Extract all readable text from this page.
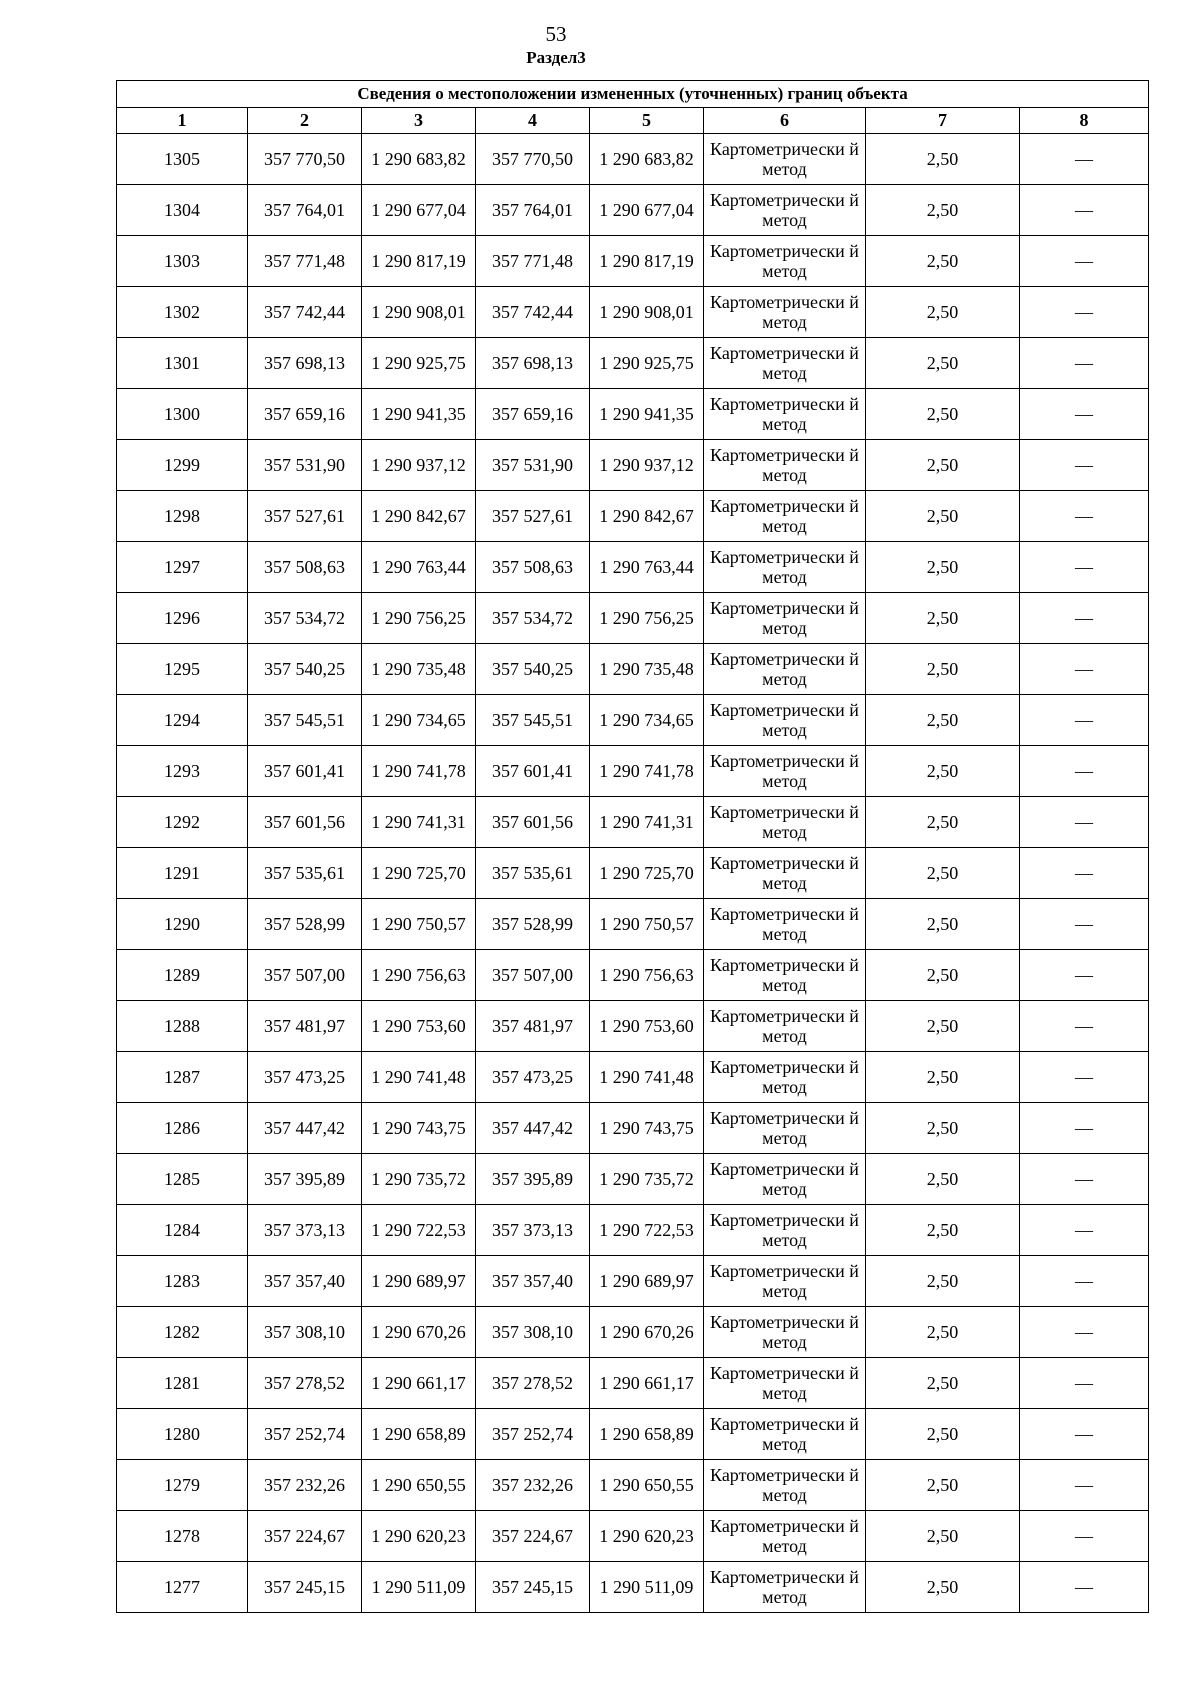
53
Раздел3
Сведения о местоположении измененных (уточненных) границ объекта							
1	2	3	4	5	6	7	8
1305	357 770,50	1 290 683,82	357 770,50	1 290 683,82	Картометрически й метод	2,50	—
1304	357 764,01	1 290 677,04	357 764,01	1 290 677,04	Картометрически й метод	2,50	—
1303	357 771,48	1 290 817,19	357 771,48	1 290 817,19	Картометрически й метод	2,50	—
1302	357 742,44	1 290 908,01	357 742,44	1 290 908,01	Картометрически й метод	2,50	—
1301	357 698,13	1 290 925,75	357 698,13	1 290 925,75	Картометрически й метод	2,50	—
1300	357 659,16	1 290 941,35	357 659,16	1 290 941,35	Картометрически й метод	2,50	—
1299	357 531,90	1 290 937,12	357 531,90	1 290 937,12	Картометрически й метод	2,50	—
1298	357 527,61	1 290 842,67	357 527,61	1 290 842,67	Картометрически й метод	2,50	—
1297	357 508,63	1 290 763,44	357 508,63	1 290 763,44	Картометрически й метод	2,50	—
1296	357 534,72	1 290 756,25	357 534,72	1 290 756,25	Картометрически й метод	2,50	—
1295	357 540,25	1 290 735,48	357 540,25	1 290 735,48	Картометрически й метод	2,50	—
1294	357 545,51	1 290 734,65	357 545,51	1 290 734,65	Картометрически й метод	2,50	—
1293	357 601,41	1 290 741,78	357 601,41	1 290 741,78	Картометрически й метод	2,50	—
1292	357 601,56	1 290 741,31	357 601,56	1 290 741,31	Картометрически й метод	2,50	—
1291	357 535,61	1 290 725,70	357 535,61	1 290 725,70	Картометрически й метод	2,50	—
1290	357 528,99	1 290 750,57	357 528,99	1 290 750,57	Картометрически й метод	2,50	—
1289	357 507,00	1 290 756,63	357 507,00	1 290 756,63	Картометрически й метод	2,50	—
1288	357 481,97	1 290 753,60	357 481,97	1 290 753,60	Картометрически й метод	2,50	—
1287	357 473,25	1 290 741,48	357 473,25	1 290 741,48	Картометрически й метод	2,50	—
1286	357 447,42	1 290 743,75	357 447,42	1 290 743,75	Картометрически й метод	2,50	—
1285	357 395,89	1 290 735,72	357 395,89	1 290 735,72	Картометрически й метод	2,50	—
1284	357 373,13	1 290 722,53	357 373,13	1 290 722,53	Картометрически й метод	2,50	—
1283	357 357,40	1 290 689,97	357 357,40	1 290 689,97	Картометрически й метод	2,50	—
1282	357 308,10	1 290 670,26	357 308,10	1 290 670,26	Картометрически й метод	2,50	—
1281	357 278,52	1 290 661,17	357 278,52	1 290 661,17	Картометрически й метод	2,50	—
1280	357 252,74	1 290 658,89	357 252,74	1 290 658,89	Картометрически й метод	2,50	—
1279	357 232,26	1 290 650,55	357 232,26	1 290 650,55	Картометрически й метод	2,50	—
1278	357 224,67	1 290 620,23	357 224,67	1 290 620,23	Картометрически й метод	2,50	—
1277	357 245,15	1 290 511,09	357 245,15	1 290 511,09	Картометрически й метод	2,50	—
